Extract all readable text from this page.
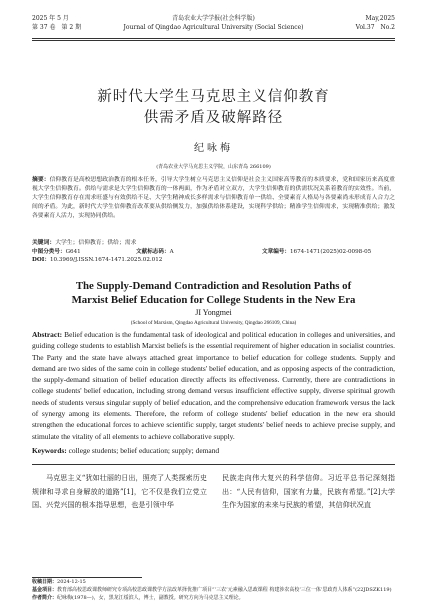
2025 年 5 月
第 37 卷　第 2 期
青岛农业大学学报(社会科学版)
Journal of Qingdao Agricultural University (Social Science)
May,2025
Vol.37　No.2
新时代大学生马克思主义信仰教育
供需矛盾及破解路径
纪咏梅
(青岛农业大学马克思主义学院，山东青岛 266109)
摘要：信仰教育是高校思想政治教育的根本任务，引导大学生树立马克思主义信仰是社会主义国家高等教育的本质要求，党和国家历来高度重视大学生信仰教育。供给与需求是大学生信仰教育的一体两面，作为矛盾对立双方，大学生信仰教育的供需状况关系着教育的实效性。当前，大学生信仰教育存在需求旺盛与有效供给不足、大学生精神成长多样需求与信仰教育单一供给、全要素育人格局与各要素尚未形成育人合力之间的矛盾。为此，新时代大学生信仰教育改革要从供给侧发力，加强供给体系建设，实现科学供给；精准学生信仰需求，实现精准供给；激发各要素育人活力，实现协同供给。
关键词：大学生；信仰教育；供给；需求
中图分类号：G641	文献标志码：A	文章编号：1674-1471(2025)02-0098-05
DOI：10.3969/J.ISSN.1674-1471.2025.02.012
The Supply-Demand Contradiction and Resolution Paths of
Marxist Belief Education for College Students in the New Era
JI Yongmei
(School of Marxism, Qingdao Agricultural University, Qingdao 266109, China)
Abstract: Belief education is the fundamental task of ideological and political education in colleges and universities, and guiding college students to establish Marxist beliefs is the essential requirement of higher education in socialist countries. The Party and the state have always attached great importance to belief education for college students. Supply and demand are two sides of the same coin in college students' belief education, and as opposing aspects of the contradiction, the supply-demand situation of belief education directly affects its effectiveness. Currently, there are contradictions in college students' belief education, including strong demand versus insufficient effective supply, diverse spiritual growth needs of students versus singular supply of belief education, and the comprehensive education framework versus the lack of synergy among its elements. Therefore, the reform of college students' belief education in the new era should strengthen the educational forces to achieve scientific supply, target students' belief needs to achieve precise supply, and stimulate the vitality of all elements to achieve collaborative supply.
Keywords: college students; belief education; supply; demand
马克思主义“犹如壮丽的日出，照亮了人类探索历史规律和寻求自身解放的道路”[1]，它不仅是我们立党立国、兴党兴国的根本指导思想，也是引领中华
民族走向伟大复兴的科学信仰。习近平总书记深刻指出：“人民有信仰，国家有力量，民族有希望。”[2]大学生作为国家的未来与民族的希望，其信仰状况直
收稿日期：2024-12-15
基金项目：教育部高校思政课教师研究专项高校思政课教学方法改革择优推广项目“‘三农’元素融入思政课程 构建涉农高校‘三位一体’思政育人体系”(22JDSZK119)
作者简介：纪咏梅(1978—)，女，黑龙江绥滨人，博士，副教授。研究方向为马克思主义理论。
